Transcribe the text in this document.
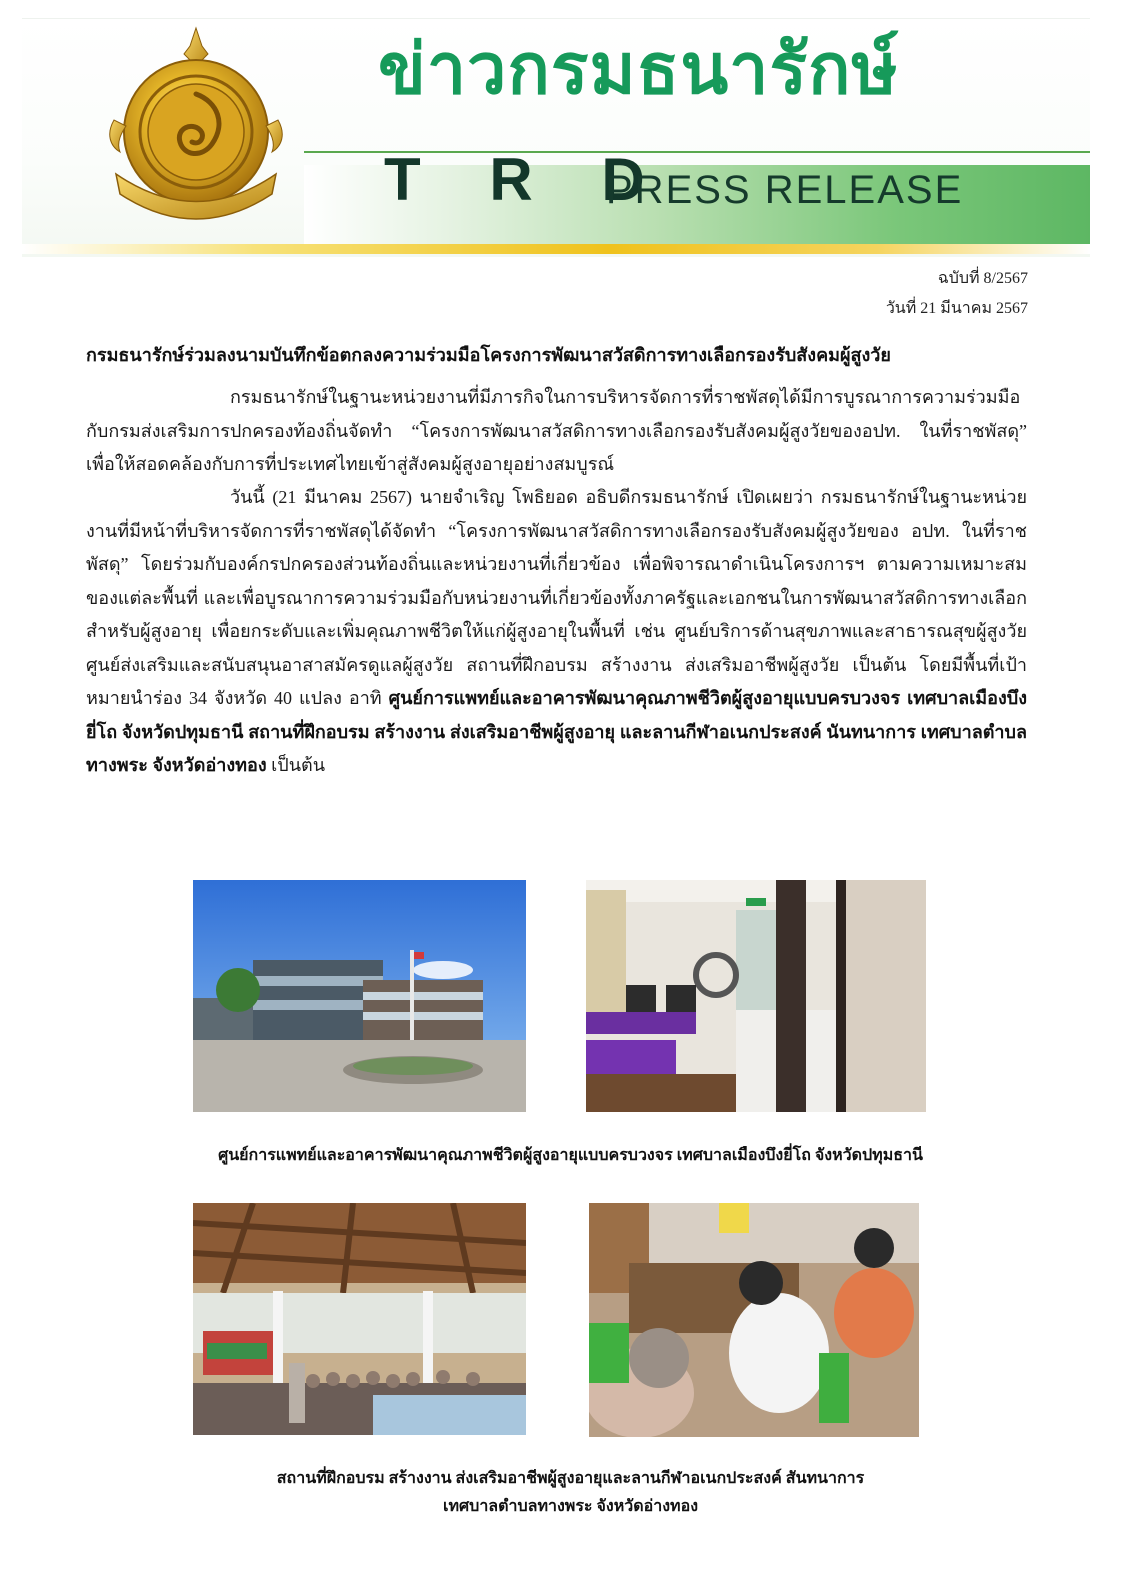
ข่าวกรมธนารักษ์
T R D
PRESS RELEASE
ฉบับที่ 8/2567
วันที่ 21 มีนาคม 2567
กรมธนารักษ์ร่วมลงนามบันทึกข้อตกลงความร่วมมือโครงการพัฒนาสวัสดิการทางเลือกรองรับสังคมผู้สูงวัย
กรมธนารักษ์ในฐานะหน่วยงานที่มีภารกิจในการบริหารจัดการที่ราชพัสดุได้มีการบูรณาการความร่วมมือกับกรมส่งเสริมการปกครองท้องถิ่นจัดทำ “โครงการพัฒนาสวัสดิการทางเลือกรองรับสังคมผู้สูงวัยของอปท. ในที่ราชพัสดุ” เพื่อให้สอดคล้องกับการที่ประเทศไทยเข้าสู่สังคมผู้สูงอายุอย่างสมบูรณ์
วันนี้ (21 มีนาคม 2567) นายจำเริญ โพธิยอด อธิบดีกรมธนารักษ์ เปิดเผยว่า กรมธนารักษ์ในฐานะหน่วยงานที่มีหน้าที่บริหารจัดการที่ราชพัสดุได้จัดทำ “โครงการพัฒนาสวัสดิการทางเลือกรองรับสังคมผู้สูงวัยของ อปท. ในที่ราชพัสดุ” โดยร่วมกับองค์กรปกครองส่วนท้องถิ่นและหน่วยงานที่เกี่ยวข้อง เพื่อพิจารณาดำเนินโครงการฯ ตามความเหมาะสมของแต่ละพื้นที่ และเพื่อบูรณาการความร่วมมือกับหน่วยงานที่เกี่ยวข้องทั้งภาครัฐและเอกชนในการพัฒนาสวัสดิการทางเลือกสำหรับผู้สูงอายุ เพื่อยกระดับและเพิ่มคุณภาพชีวิตให้แก่ผู้สูงอายุในพื้นที่ เช่น ศูนย์บริการด้านสุขภาพและสาธารณสุขผู้สูงวัย ศูนย์ส่งเสริมและสนับสนุนอาสาสมัครดูแลผู้สูงวัย สถานที่ฝึกอบรม สร้างงาน ส่งเสริมอาชีพผู้สูงวัย เป็นต้น โดยมีพื้นที่เป้าหมายนำร่อง 34 จังหวัด 40 แปลง อาทิ ศูนย์การแพทย์และอาคารพัฒนาคุณภาพชีวิตผู้สูงอายุแบบครบวงจร เทศบาลเมืองบึงยี่โถ จังหวัดปทุมธานี สถานที่ฝึกอบรม สร้างงาน ส่งเสริมอาชีพผู้สูงอายุ และลานกีฬาอเนกประสงค์ นันทนาการ เทศบาลตำบลทางพระ จังหวัดอ่างทอง เป็นต้น
ศูนย์การแพทย์และอาคารพัฒนาคุณภาพชีวิตผู้สูงอายุแบบครบวงจร เทศบาลเมืองบึงยี่โถ จังหวัดปทุมธานี
สถานที่ฝึกอบรม สร้างงาน ส่งเสริมอาชีพผู้สูงอายุและลานกีฬาอเนกประสงค์ สันทนาการ
เทศบาลตำบลทางพระ จังหวัดอ่างทอง
